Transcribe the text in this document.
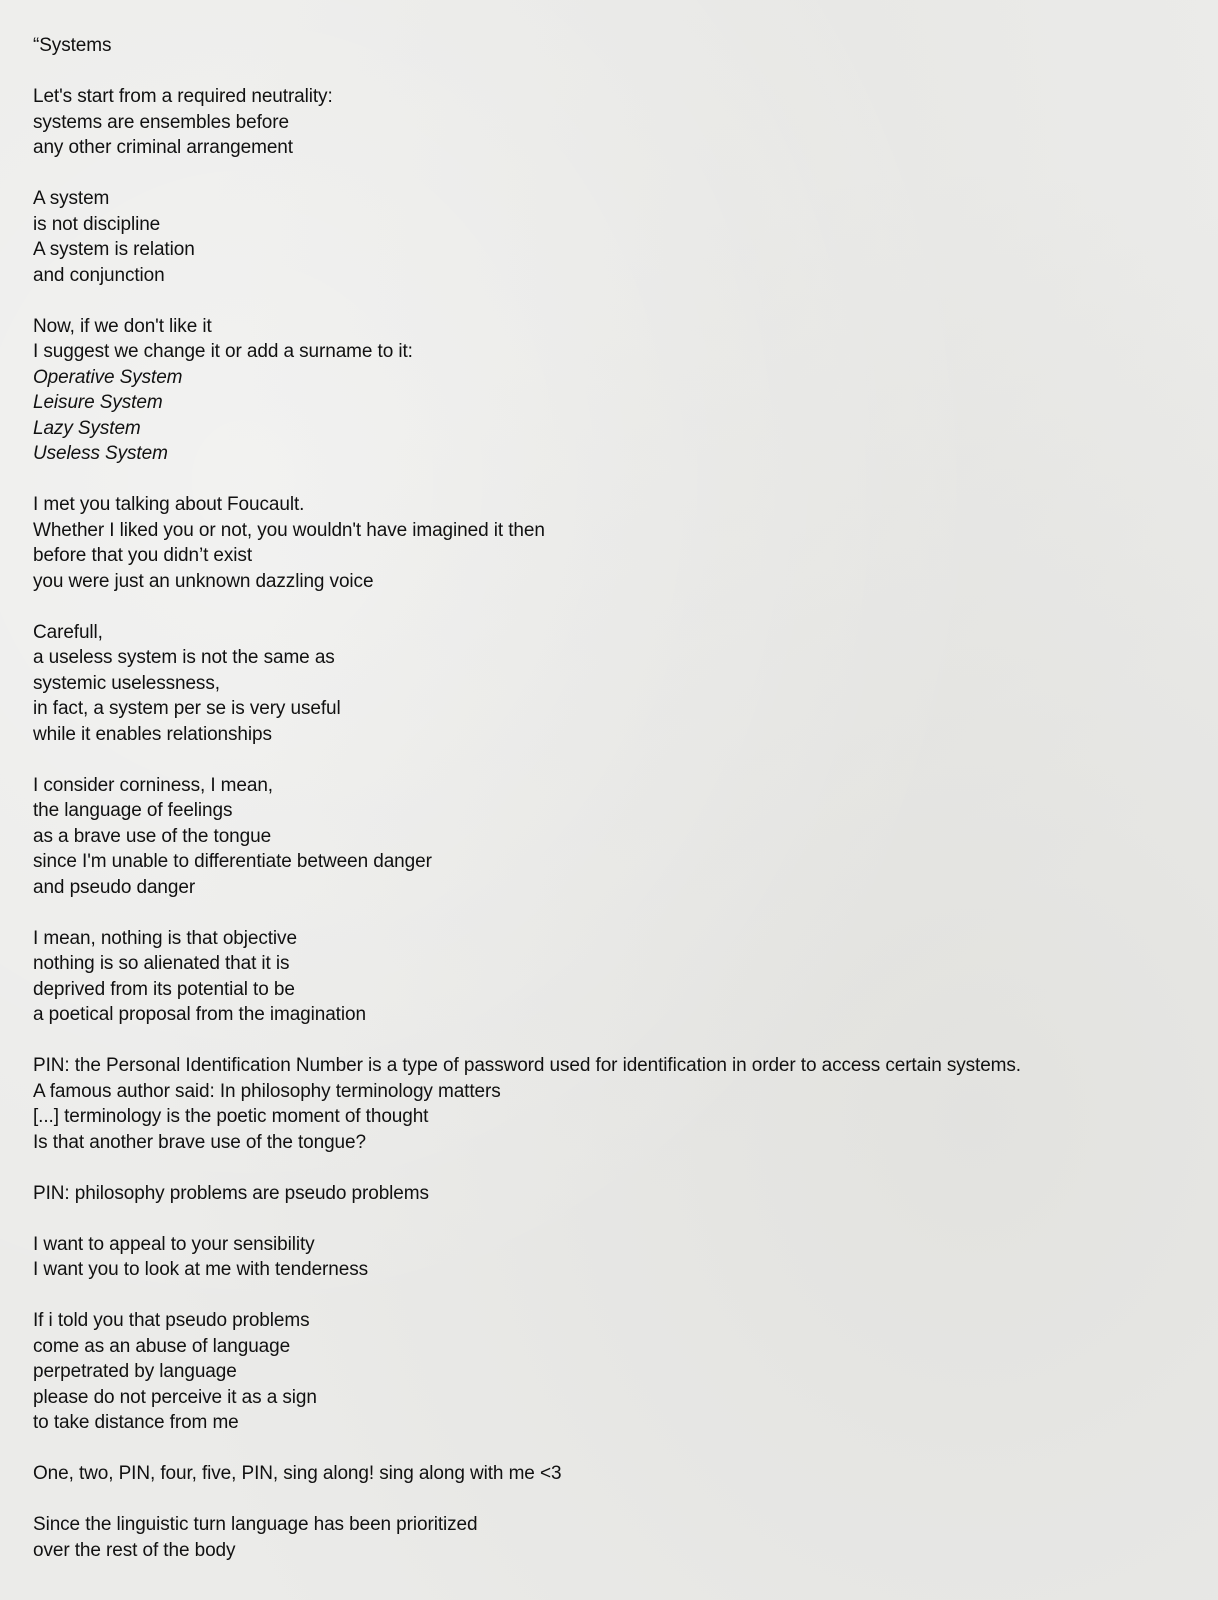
“Systems
Let's start from a required neutrality:
systems are ensembles before
any other criminal arrangement
A system
is not discipline
A system is relation
and conjunction
Now, if we don't like it
I suggest we change it or add a surname to it:
Operative System
Leisure System
Lazy System
Useless System
I met you talking about Foucault.
Whether I liked you or not, you wouldn't have imagined it then
before that you didn’t exist
you were just an unknown dazzling voice
Carefull,
a useless system is not the same as
systemic uselessness,
in fact, a system per se is very useful
while it enables relationships
I consider corniness, I mean,
the language of feelings
as a brave use of the tongue
since I'm unable to differentiate between danger
and pseudo danger
I mean, nothing is that objective
nothing is so alienated that it is
deprived from its potential to be
a poetical proposal from the imagination
PIN: the Personal Identification Number is a type of password used for identification in order to access certain systems.
A famous author said: In philosophy terminology matters
[...] terminology is the poetic moment of thought
Is that another brave use of the tongue?
PIN: philosophy problems are pseudo problems
I want to appeal to your sensibility
I want you to look at me with tenderness
If i told you that pseudo problems
come as an abuse of language
perpetrated by language
please do not perceive it as a sign
to take distance from me
One, two, PIN, four, five, PIN, sing along! sing along with me <3
Since the linguistic turn language has been prioritized
over the rest of the body
